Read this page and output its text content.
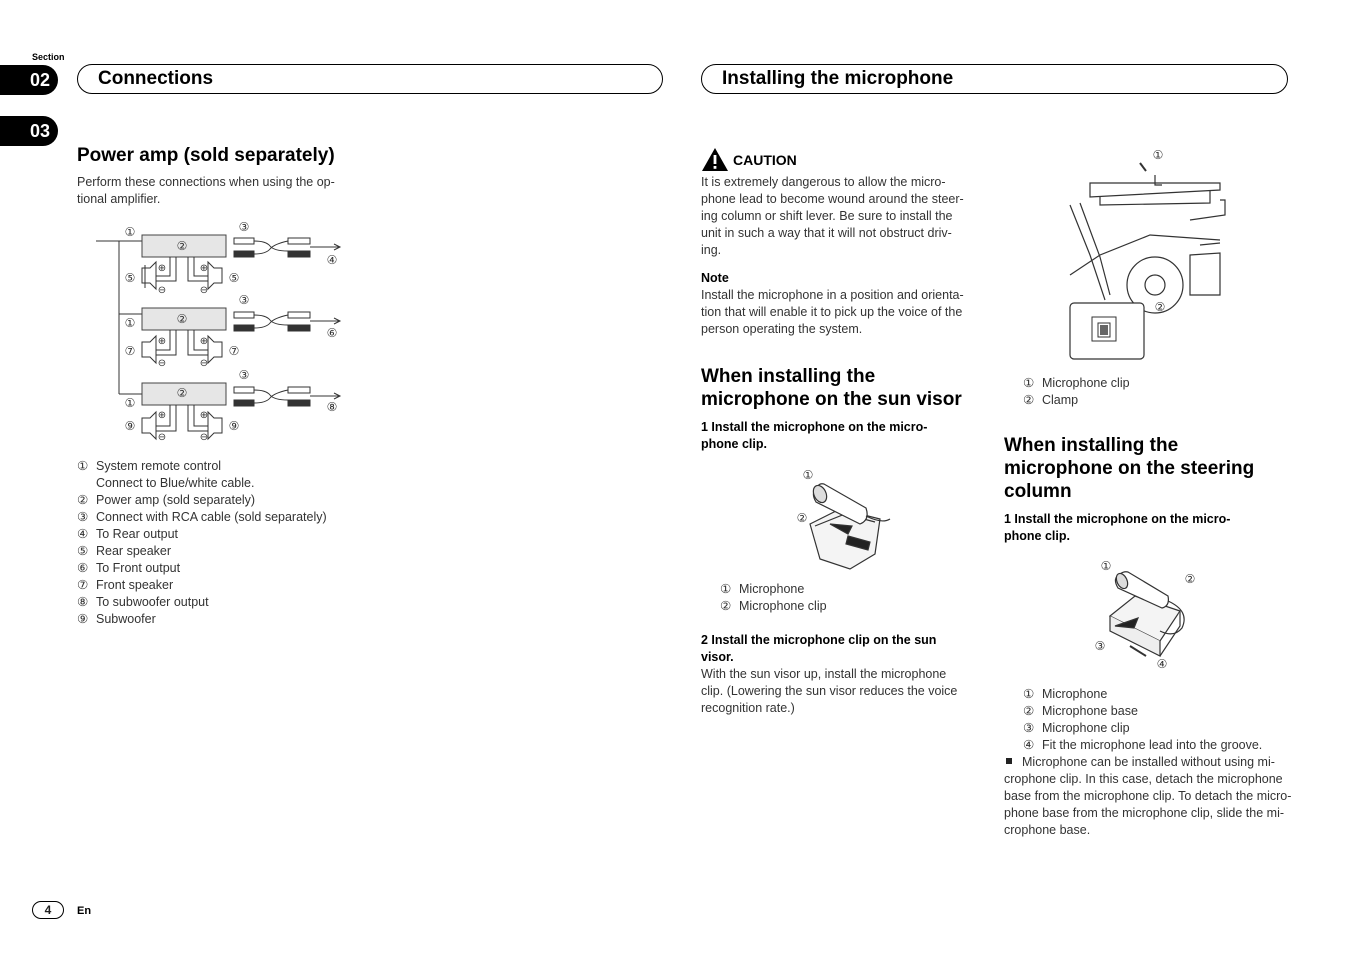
Section
02
03
Connections	Installing the microphone
Power amp (sold separately)
Perform these connections when using the op-
tional amplifier.
⊕	⊕
⊖	⊖
⊕	⊕
⊖	⊖
⊕	⊕
⊖	⊖
①
②
③
④
⑤	⑤
③
①	②
⑥
⑦	⑦
③
①
②
⑧
⑨	⑨
① System remote control
Connect to Blue/white cable.
② Power amp (sold separately)
③ Connect with RCA cable (sold separately)
④ To Rear output
⑤ Rear speaker
⑥ To Front output
⑦ Front speaker
⑧ To subwoofer output
⑨ Subwoofer
CAUTION
It is extremely dangerous to allow the micro-
phone lead to become wound around the steer-
ing column or shift lever. Be sure to install the
unit in such a way that it will not obstruct driv-
ing.
Note
Install the microphone in a position and orienta-
tion that will enable it to pick up the voice of the
person operating the system.
When installing the
microphone on the sun visor
1 Install the microphone on the micro-
phone clip.
①
②
① Microphone
② Microphone clip
2 Install the microphone clip on the sun
visor.
With the sun visor up, install the microphone
clip. (Lowering the sun visor reduces the voice
recognition rate.)
①
②
① Microphone clip
② Clamp
When installing the
microphone on the steering
column
1 Install the microphone on the micro-
phone clip.
①
②
③
④
① Microphone
② Microphone base
③ Microphone clip
④ Fit the microphone lead into the groove.
Microphone can be installed without using mi-
crophone clip. In this case, detach the microphone
base from the microphone clip. To detach the micro-
phone base from the microphone clip, slide the mi-
crophone base.
4	En
